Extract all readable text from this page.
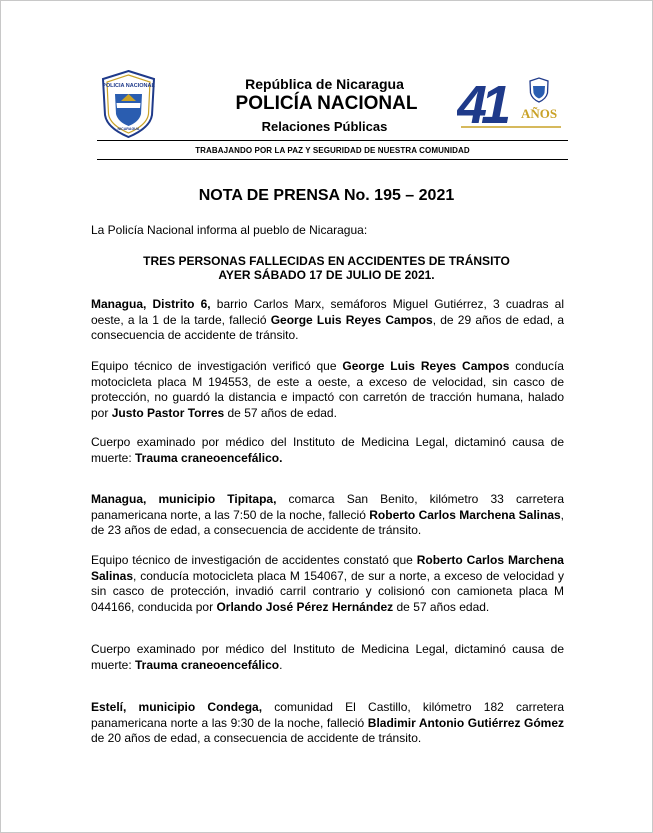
POLICIA NACIONAL
NICARAGUA
República de Nicaragua
POLICÍA NACIONAL
Relaciones Públicas	41	AÑOS
TRABAJANDO POR LA PAZ Y SEGURIDAD DE NUESTRA COMUNIDAD
NOTA DE PRENSA No. 195 – 2021
La Policía Nacional informa al pueblo de Nicaragua:
TRES PERSONAS FALLECIDAS EN ACCIDENTES DE TRÁNSITO
AYER SÁBADO 17 DE JULIO DE 2021.
Managua, Distrito 6, barrio Carlos Marx, semáforos Miguel Gutiérrez, 3 cuadras al oeste, a la 1 de la tarde, falleció George Luis Reyes Campos, de 29 años de edad, a consecuencia de accidente de tránsito.
Equipo técnico de investigación verificó que George Luis Reyes Campos conducía motocicleta placa M 194553, de este a oeste, a exceso de velocidad, sin casco de protección, no guardó la distancia e impactó con carretón de tracción humana, halado por Justo Pastor Torres de 57 años de edad.
Cuerpo examinado por médico del Instituto de Medicina Legal, dictaminó causa de muerte: Trauma craneoencefálico.
Managua, municipio Tipitapa, comarca San Benito, kilómetro 33 carretera panamericana norte, a las 7:50 de la noche, falleció Roberto Carlos Marchena Salinas, de 23 años de edad, a consecuencia de accidente de tránsito.
Equipo técnico de investigación de accidentes constató que Roberto Carlos Marchena Salinas, conducía motocicleta placa M 154067, de sur a norte, a exceso de velocidad y sin casco de protección, invadió carril contrario y colisionó con camioneta placa M 044166, conducida por Orlando José Pérez Hernández de 57 años edad.
Cuerpo examinado por médico del Instituto de Medicina Legal, dictaminó causa de muerte: Trauma craneoencefálico.
Estelí, municipio Condega, comunidad El Castillo, kilómetro 182 carretera panamericana norte a las 9:30 de la noche, falleció Bladimir Antonio Gutiérrez Gómez de 20 años de edad, a consecuencia de accidente de tránsito.
